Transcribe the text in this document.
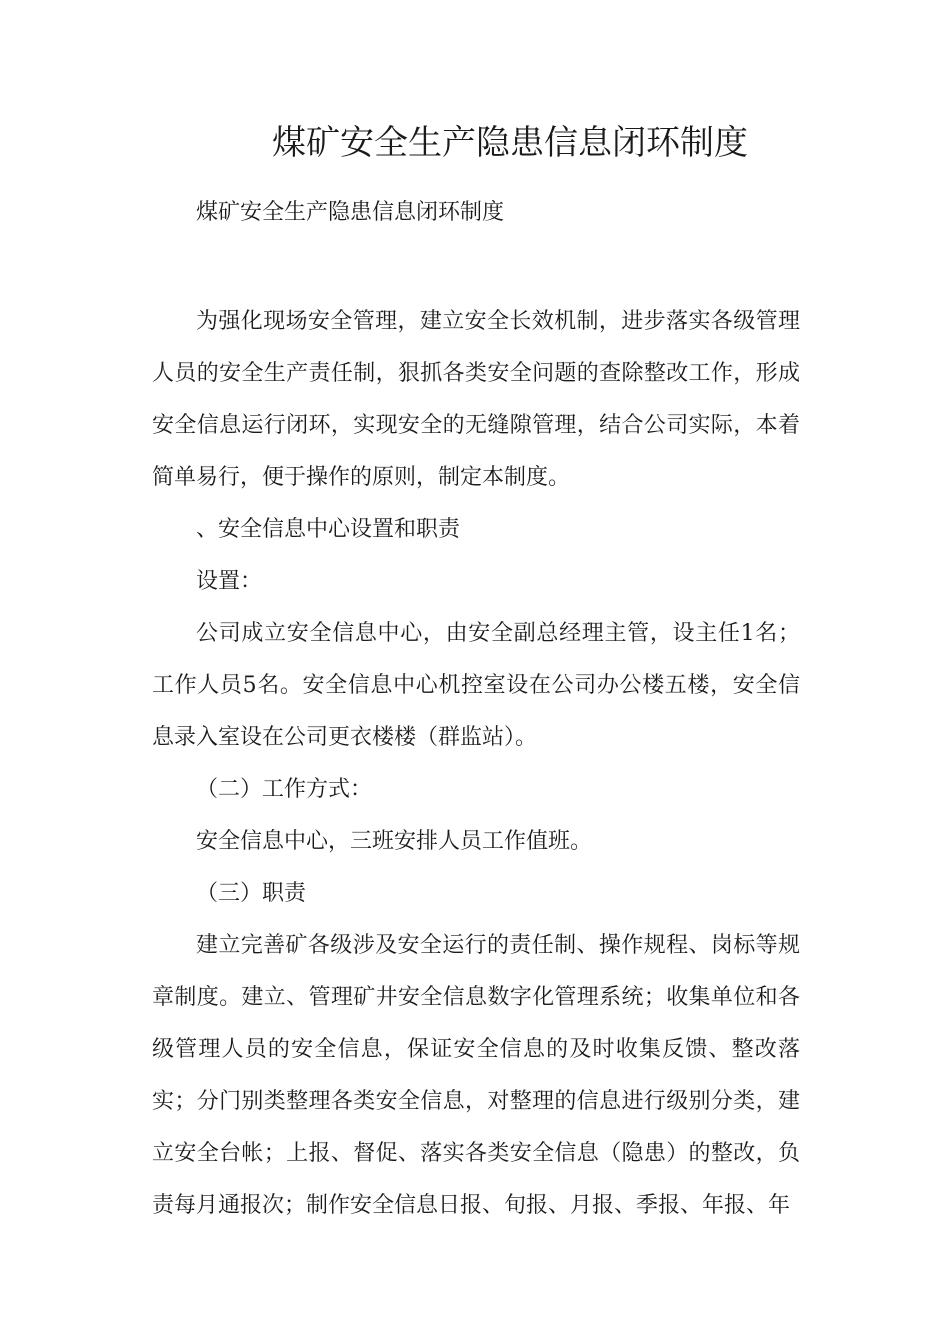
煤矿安全生产隐患信息闭环制度
煤矿安全生产隐患信息闭环制度

为强化现场安全管理，建立安全长效机制，进步落实各级管理人员的安全生产责任制，狠抓各类安全问题的查除整改工作，形成安全信息运行闭环，实现安全的无缝隙管理，结合公司实际，本着简单易行，便于操作的原则，制定本制度。

、安全信息中心设置和职责

设置：

公司成立安全信息中心，由安全副总经理主管，设主任1名；工作人员5名。安全信息中心机控室设在公司办公楼五楼，安全信息录入室设在公司更衣楼楼（群监站）。

（二）工作方式：

安全信息中心，三班安排人员工作值班。

（三）职责

建立完善矿各级涉及安全运行的责任制、操作规程、岗标等规章制度。建立、管理矿井安全信息数字化管理系统；收集单位和各级管理人员的安全信息，保证安全信息的及时收集反馈、整改落实；分门别类整理各类安全信息，对整理的信息进行级别分类，建立安全台帐；上报、督促、落实各类安全信息（隐患）的整改，负责每月通报次；制作安全信息日报、旬报、月报、季报、年报、年
